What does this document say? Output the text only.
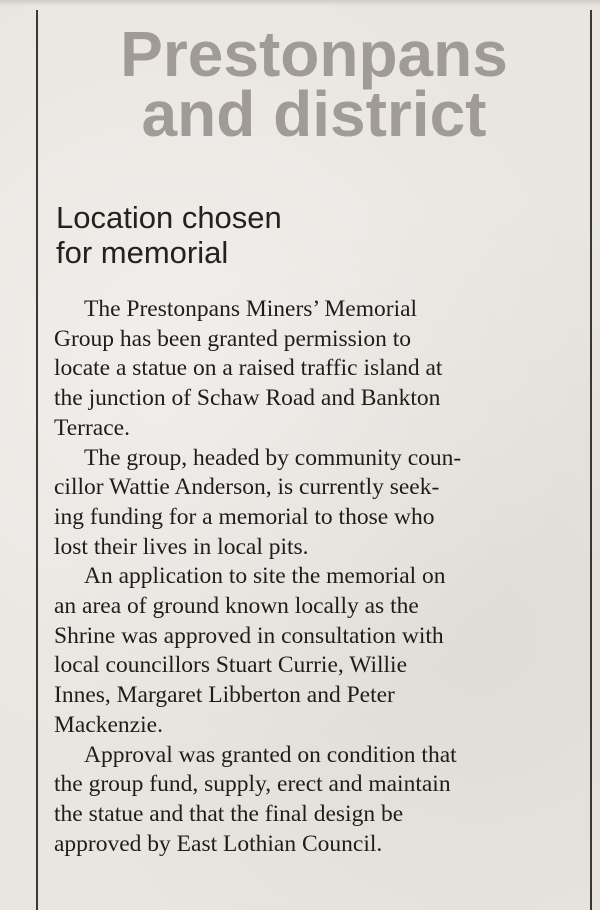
Prestonpans
and district
Location chosen
for memorial
The Prestonpans Miners’ Memorial
Group has been granted permission to
locate a statue on a raised traffic island at
the junction of Schaw Road and Bankton
Terrace.
The group, headed by community coun-
cillor Wattie Anderson, is currently seek-
ing funding for a memorial to those who
lost their lives in local pits.
An application to site the memorial on
an area of ground known locally as the
Shrine was approved in consultation with
local councillors Stuart Currie, Willie
Innes, Margaret Libberton and Peter
Mackenzie.
Approval was granted on condition that
the group fund, supply, erect and maintain
the statue and that the final design be
approved by East Lothian Council.
